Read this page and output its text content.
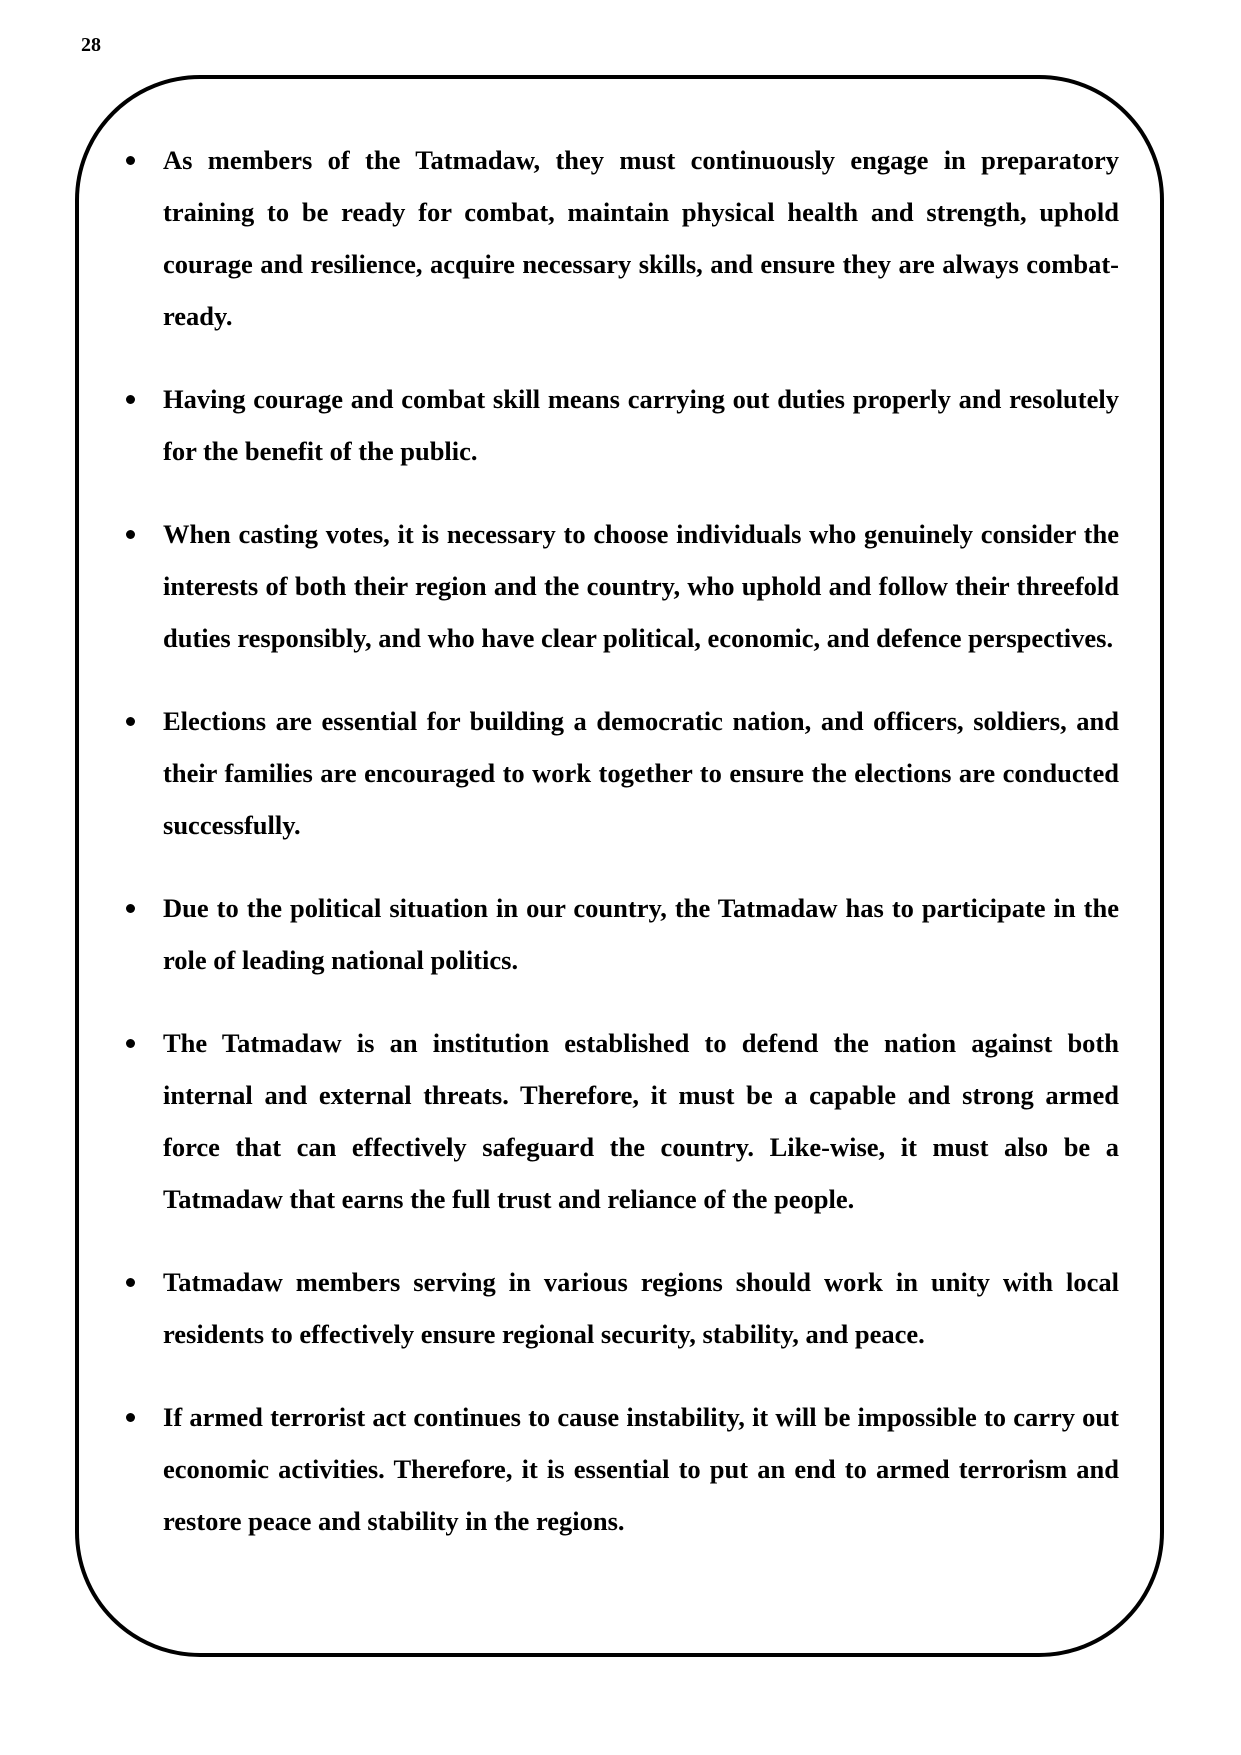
28
As members of the Tatmadaw, they must continuously engage in preparatory training to be ready for combat, maintain physical health and strength, uphold courage and resilience, acquire necessary skills, and ensure they are always combat-ready.
Having courage and combat skill means carrying out duties properly and resolutely for the benefit of the public.
When casting votes, it is necessary to choose individuals who genuinely consider the interests of both their region and the country, who uphold and follow their threefold duties responsibly, and who have clear political, economic, and defence perspectives.
Elections are essential for building a democratic nation, and officers, soldiers, and their families are encouraged to work together to ensure the elections are conducted successfully.
Due to the political situation in our country, the Tatmadaw has to participate in the role of leading national politics.
The Tatmadaw is an institution established to defend the nation against both internal and external threats. Therefore, it must be a capable and strong armed force that can effectively safeguard the country. Like-wise, it must also be a Tatmadaw that earns the full trust and reliance of the people.
Tatmadaw members serving in various regions should work in unity with local residents to effectively ensure regional security, stability, and peace.
If armed terrorist act continues to cause instability, it will be impossible to carry out economic activities. Therefore, it is essential to put an end to armed terrorism and restore peace and stability in the regions.
